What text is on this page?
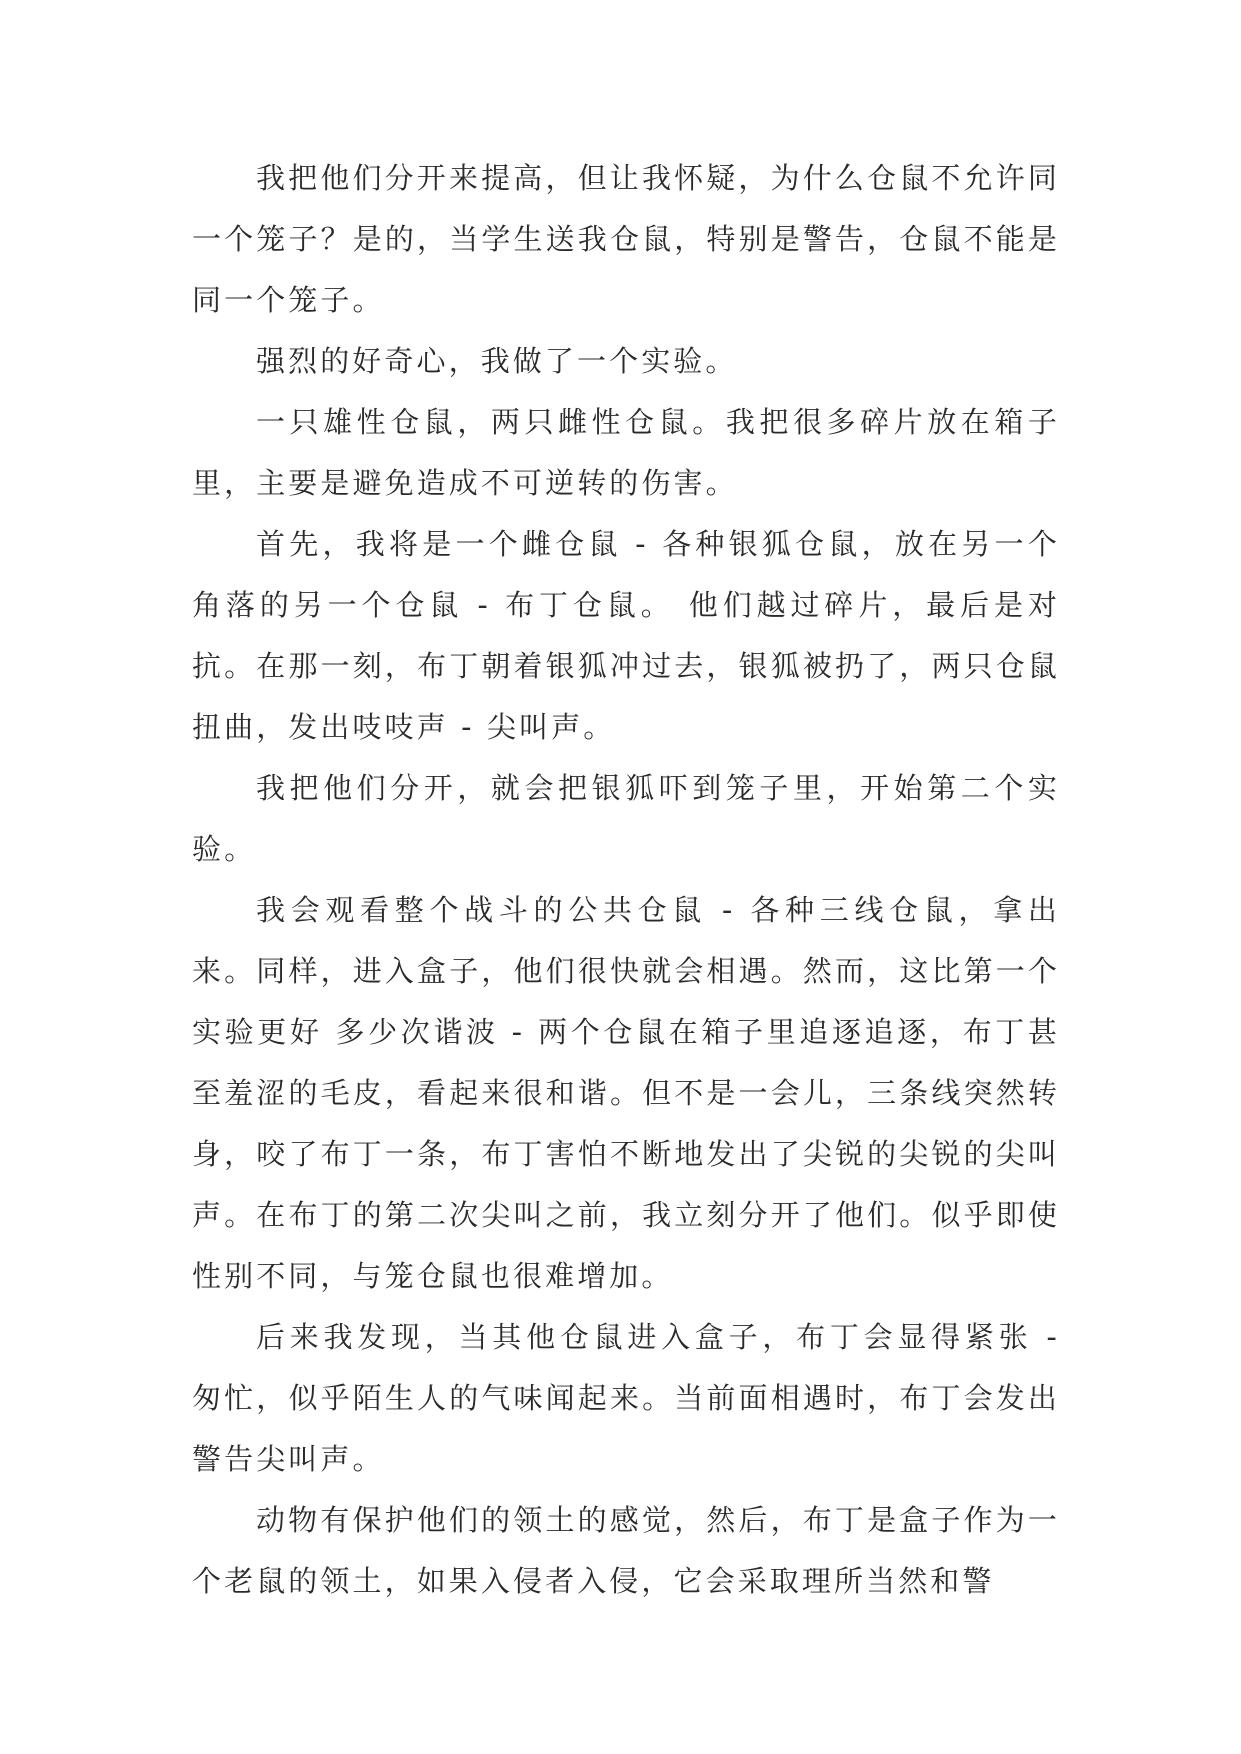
我把他们分开来提高，但让我怀疑，为什么仓鼠不允许同一个笼子？是的，当学生送我仓鼠，特别是警告，仓鼠不能是同一个笼子。

强烈的好奇心，我做了一个实验。

一只雄性仓鼠，两只雌性仓鼠。我把很多碎片放在箱子里，主要是避免造成不可逆转的伤害。

首先，我将是一个雌仓鼠 - 各种银狐仓鼠，放在另一个角落的另一个仓鼠 - 布丁仓鼠。 他们越过碎片，最后是对抗。在那一刻，布丁朝着银狐冲过去，银狐被扔了，两只仓鼠扭曲，发出吱吱声 - 尖叫声。

我把他们分开，就会把银狐吓到笼子里，开始第二个实验。

我会观看整个战斗的公共仓鼠 - 各种三线仓鼠，拿出来。同样，进入盒子，他们很快就会相遇。然而，这比第一个实验更好 多少次谐波 - 两个仓鼠在箱子里追逐追逐，布丁甚至羞涩的毛皮，看起来很和谐。但不是一会儿，三条线突然转身，咬了布丁一条，布丁害怕不断地发出了尖锐的尖锐的尖叫声。在布丁的第二次尖叫之前，我立刻分开了他们。似乎即使性别不同，与笼仓鼠也很难增加。

后来我发现，当其他仓鼠进入盒子，布丁会显得紧张 - 匆忙，似乎陌生人的气味闻起来。当前面相遇时，布丁会发出警告尖叫声。

动物有保护他们的领土的感觉，然后，布丁是盒子作为一个老鼠的领土，如果入侵者入侵，它会采取理所当然和警
